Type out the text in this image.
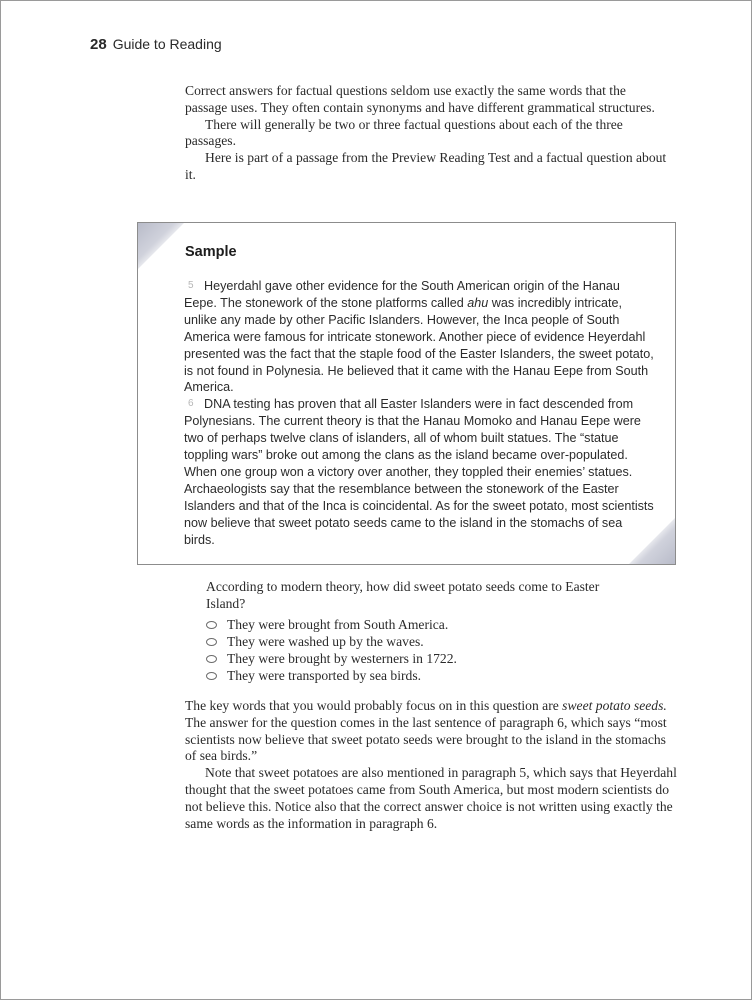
28 Guide to Reading

Correct answers for factual questions seldom use exactly the same words that the passage uses. They often contain synonyms and have different grammatical structures.

There will generally be two or three factual questions about each of the three passages.

Here is part of a passage from the Preview Reading Test and a factual question about it.

Sample

5 Heyerdahl gave other evidence for the South American origin of the Hanau Eepe. The stonework of the stone platforms called ahu was incredibly intricate, unlike any made by other Pacific Islanders. However, the Inca people of South America were famous for intricate stonework. Another piece of evidence Heyerdahl presented was the fact that the staple food of the Easter Islanders, the sweet potato, is not found in Polynesia. He believed that it came with the Hanau Eepe from South America.

6 DNA testing has proven that all Easter Islanders were in fact descended from Polynesians. The current theory is that the Hanau Momoko and Hanau Eepe were two of perhaps twelve clans of islanders, all of whom built statues. The “statue toppling wars” broke out among the clans as the island became over-populated. When one group won a victory over another, they toppled their enemies’ statues. Archaeologists say that the resemblance between the stonework of the Easter Islanders and that of the Inca is coincidental. As for the sweet potato, most scientists now believe that sweet potato seeds came to the island in the stomachs of sea birds.

According to modern theory, how did sweet potato seeds come to Easter Island?

They were brought from South America.
They were washed up by the waves.
They were brought by westerners in 1722.
They were transported by sea birds.

The key words that you would probably focus on in this question are sweet potato seeds. The answer for the question comes in the last sentence of paragraph 6, which says “most scientists now believe that sweet potato seeds were brought to the island in the stomachs of sea birds.”

Note that sweet potatoes are also mentioned in paragraph 5, which says that Heyerdahl thought that the sweet potatoes came from South America, but most modern scientists do not believe this. Notice also that the correct answer choice is not written using exactly the same words as the information in paragraph 6.
